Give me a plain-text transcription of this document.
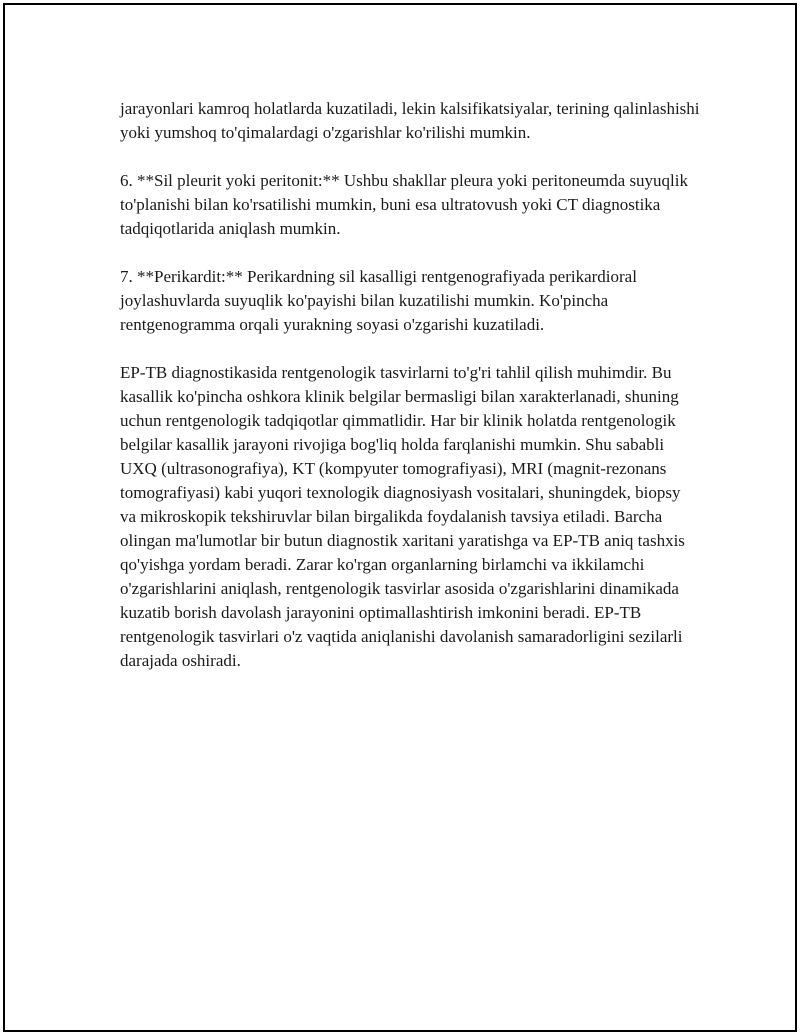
jarayonlari kamroq holatlarda kuzatiladi, lekin kalsifikatsiyalar, terining qalinlashishi yoki yumshoq to'qimalardagi o'zgarishlar ko'rilishi mumkin.

6. **Sil pleurit yoki peritonit:** Ushbu shakllar pleura yoki peritoneumda suyuqlik to'planishi bilan ko'rsatilishi mumkin, buni esa ultratovush yoki CT diagnostika tadqiqotlarida aniqlash mumkin.

7. **Perikardit:** Perikardning sil kasalligi rentgenografiyada perikardioral joylashuvlarda suyuqlik ko'payishi bilan kuzatilishi mumkin. Ko'pincha rentgenogramma orqali yurakning soyasi o'zgarishi kuzatiladi.

EP-TB diagnostikasida rentgenologik tasvirlarni to'g'ri tahlil qilish muhimdir. Bu kasallik ko'pincha oshkora klinik belgilar bermasligi bilan xarakterlanadi, shuning uchun rentgenologik tadqiqotlar qimmatlidir. Har bir klinik holatda rentgenologik belgilar kasallik jarayoni rivojiga bog'liq holda farqlanishi mumkin. Shu sababli UXQ (ultrasonografiya), KT (kompyuter tomografiyasi), MRI (magnit-rezonans tomografiyasi) kabi yuqori texnologik diagnosiyash vositalari, shuningdek, biopsy va mikroskopik tekshiruvlar bilan birgalikda foydalanish tavsiya etiladi. Barcha olingan ma'lumotlar bir butun diagnostik xaritani yaratishga va EP-TB aniq tashxis qo'yishga yordam beradi. Zarar ko'rgan organlarning birlamchi va ikkilamchi o'zgarishlarini aniqlash, rentgenologik tasvirlar asosida o'zgarishlarini dinamikada kuzatib borish davolash jarayonini optimallashtirish imkonini beradi. EP-TB rentgenologik tasvirlari o'z vaqtida aniqlanishi davolanish samaradorligini sezilarli darajada oshiradi.
